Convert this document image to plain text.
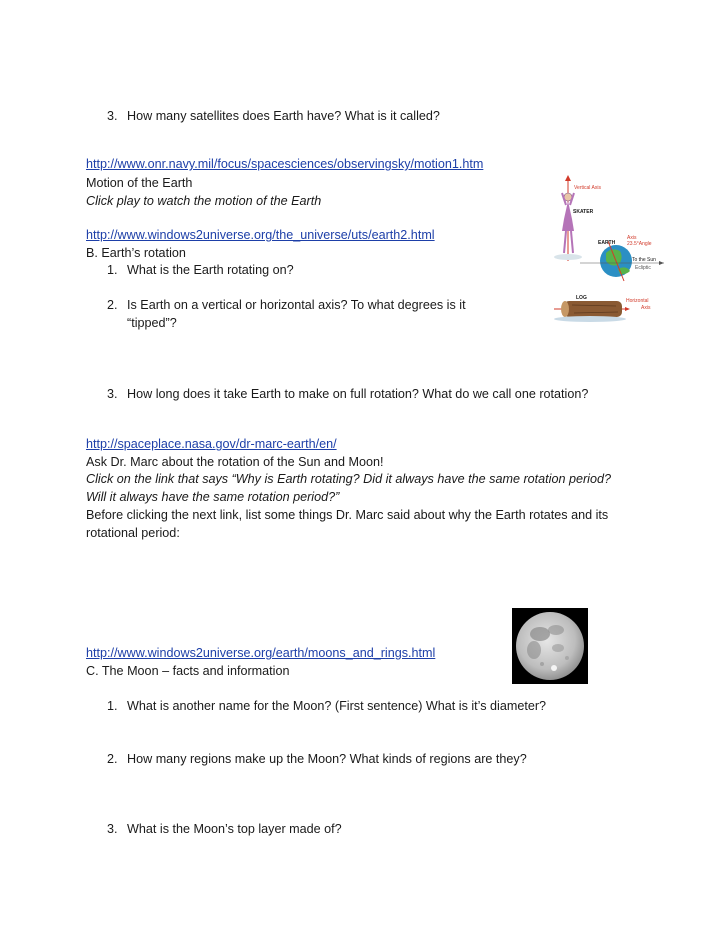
3. How many satellites does Earth have? What is it called?
http://www.onr.navy.mil/focus/spacesciences/observingsky/motion1.htm
Motion of the Earth
Click play to watch the motion of the Earth
http://www.windows2universe.org/the_universe/uts/earth2.html
B. Earth’s rotation
1. What is the Earth rotating on?
2. Is Earth on a vertical or horizontal axis? To what degrees is it
“tipped”?
3. How long does it take Earth to make on full rotation? What do we call one rotation?
Vertical Axis
SKATER
EARTH
Axis
23.5°Angle
To the Sun
Ecliptic
LOG	Horizontal
Axis
http://spaceplace.nasa.gov/dr-marc-earth/en/
Ask Dr. Marc about the rotation of the Sun and Moon!
Click on the link that says “Why is Earth rotating? Did it always have the same rotation period?
Will it always have the same rotation period?”
Before clicking the next link, list some things Dr. Marc said about why the Earth rotates and its
rotational period:
http://www.windows2universe.org/earth/moons_and_rings.html
C. The Moon – facts and information
1. What is another name for the Moon? (First sentence) What is it’s diameter?
2. How many regions make up the Moon? What kinds of regions are they?
3. What is the Moon’s top layer made of?
